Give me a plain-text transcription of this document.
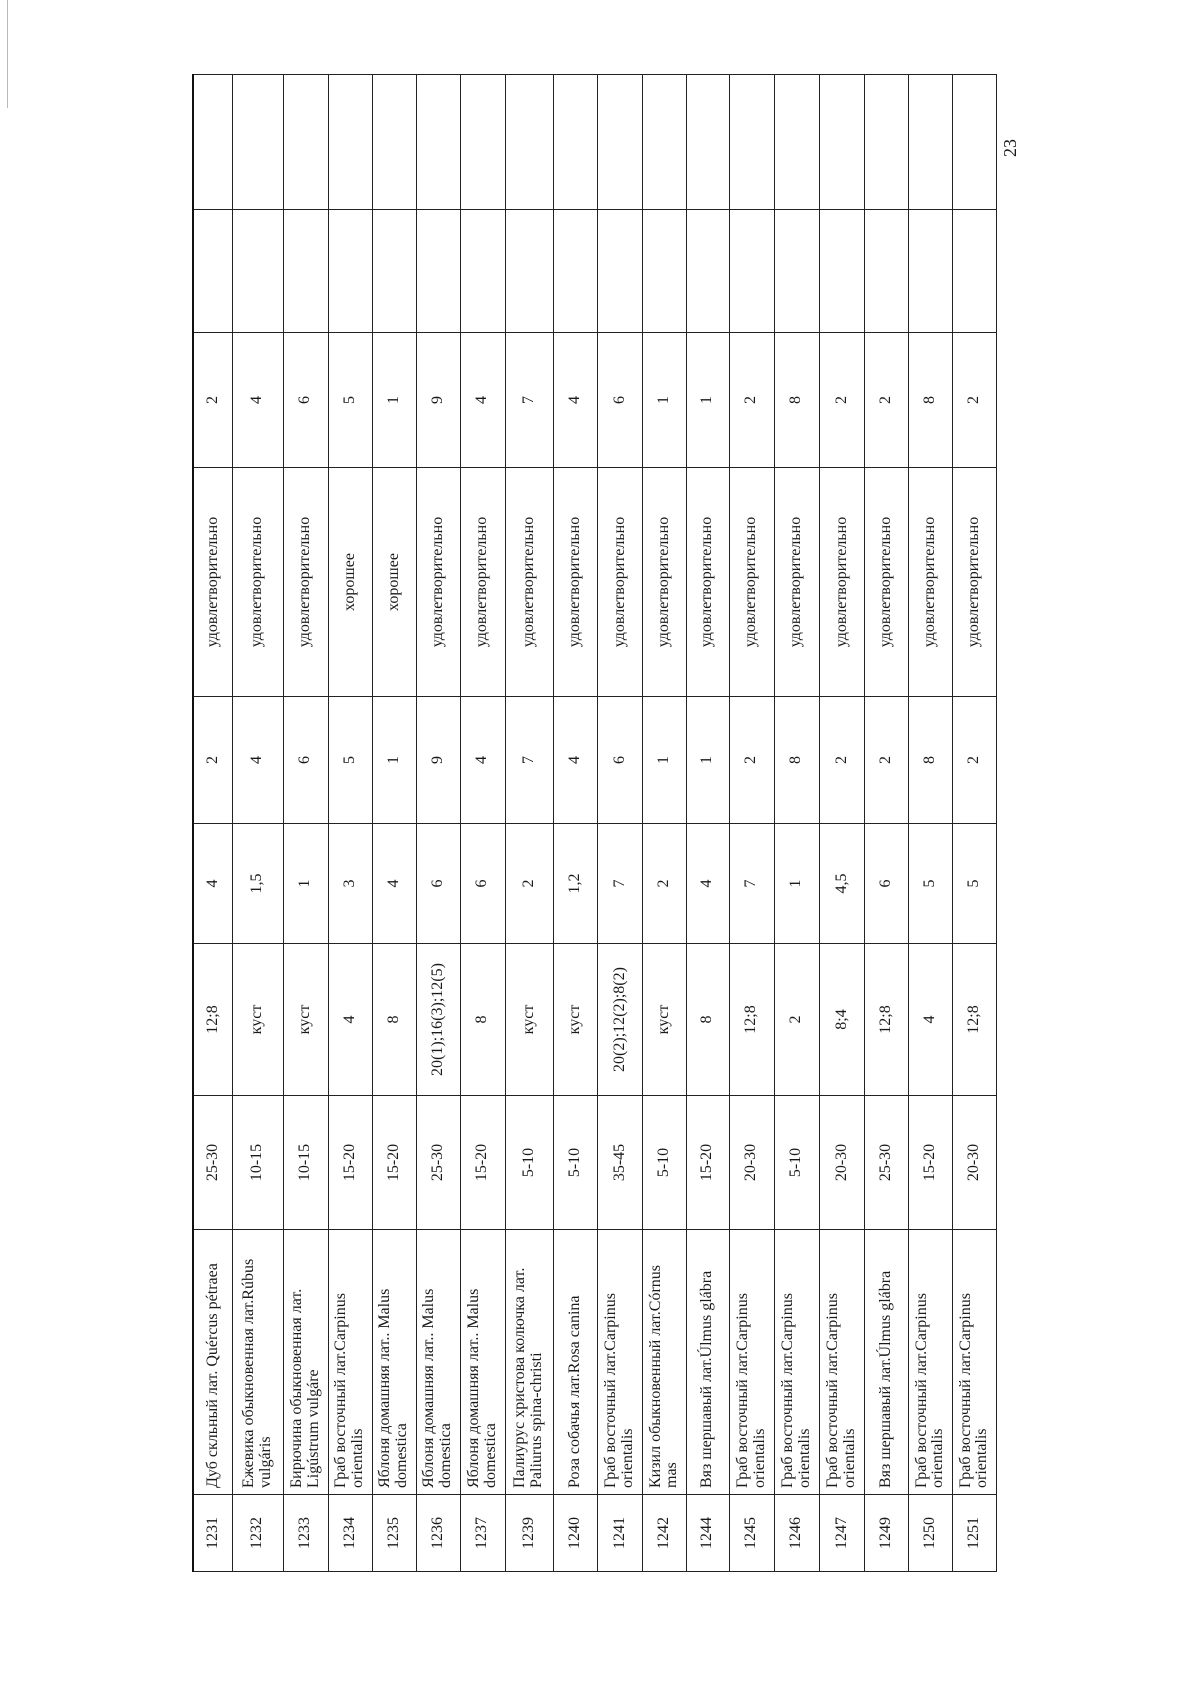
23
1231	Дуб скльный лат. Quércus pétraea	25-30	12;8	4	2	удовлетворительно	2		
1232	Ежевика обыкновенная лат.Rúbus vulgáris	10-15	куст	1,5	4	удовлетворительно	4		
1233	Бирючина обыкновенная лат. Ligústrum vulgáre	10-15	куст	1	6	удовлетворительно	6		
1234	Граб восточный лат.Carpinus orientalis	15-20	4	3	5	хорошее	5		
1235	Яблоня домашняя лат.. Malus domestica	15-20	8	4	1	хорошее	1		
1236	Яблоня домашняя лат.. Malus domestica	25-30	20(1);16(3);12(5)	6	9	удовлетворительно	9		
1237	Яблоня домашняя лат.. Malus domestica	15-20	8	6	4	удовлетворительно	4		
1239	Палиурус христова колючка лат. Paliurus spina-christi	5-10	куст	2	7	удовлетворительно	7		
1240	Роза собачья лат.Rosa canina	5-10	куст	1,2	4	удовлетворительно	4		
1241	Граб восточный лат.Carpinus orientalis	35-45	20(2);12(2);8(2)	7	6	удовлетворительно	6		
1242	Кизил обыкновенный лат.Córnus mas	5-10	куст	2	1	удовлетворительно	1		
1244	Вяз шершавый лат.Úlmus glábra	15-20	8	4	1	удовлетворительно	1		
1245	Граб восточный лат.Carpinus orientalis	20-30	12;8	7	2	удовлетворительно	2		
1246	Граб восточный лат.Carpinus orientalis	5-10	2	1	8	удовлетворительно	8		
1247	Граб восточный лат.Carpinus orientalis	20-30	8;4	4,5	2	удовлетворительно	2		
1249	Вяз шершавый лат.Úlmus glábra	25-30	12;8	6	2	удовлетворительно	2		
1250	Граб восточный лат.Carpinus orientalis	15-20	4	5	8	удовлетворительно	8		
1251	Граб восточный лат.Carpinus orientalis	20-30	12;8	5	2	удовлетворительно	2		
